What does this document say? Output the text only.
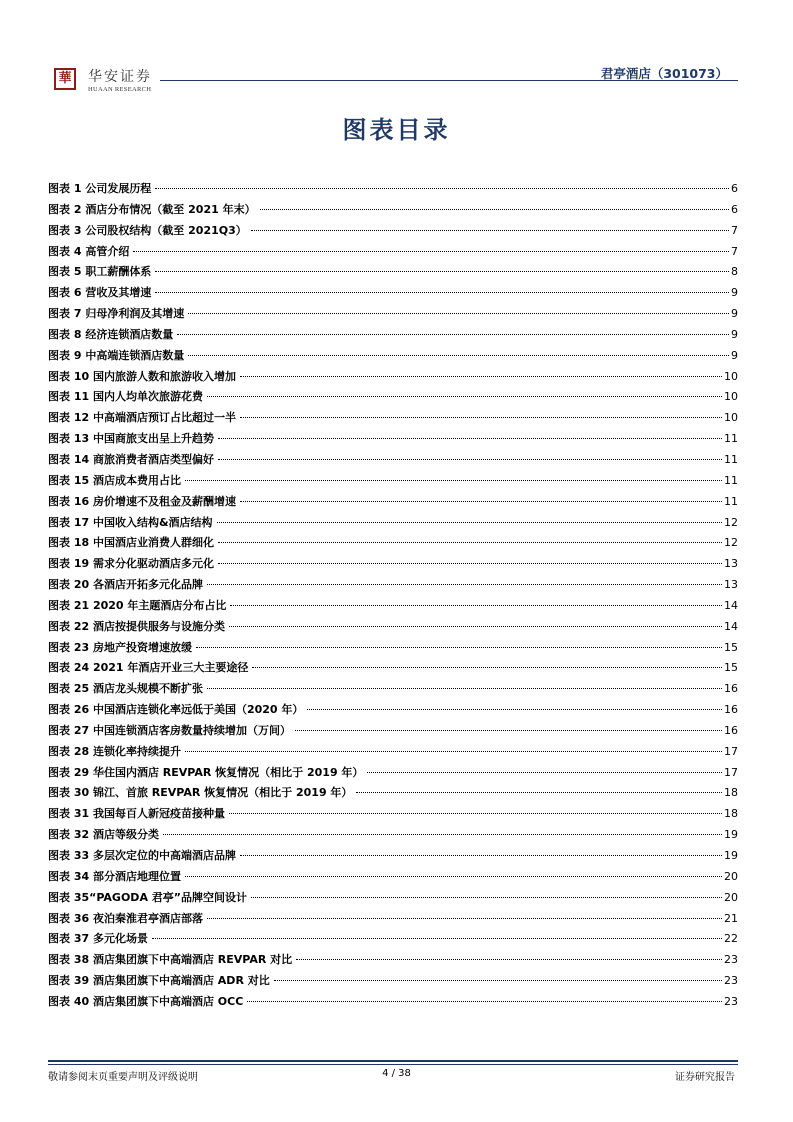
華	华安证券
HUAAN RESEARCH
君亭酒店（301073）
图表目录
图表 1 公司发展历程	6
图表 2 酒店分布情况（截至 2021 年末）	6
图表 3 公司股权结构（截至 2021Q3）	7
图表 4 高管介绍	7
图表 5 职工薪酬体系	8
图表 6 营收及其增速	9
图表 7 归母净利润及其增速	9
图表 8 经济连锁酒店数量	9
图表 9 中高端连锁酒店数量	9
图表 10 国内旅游人数和旅游收入增加	10
图表 11 国内人均单次旅游花费	10
图表 12 中高端酒店预订占比超过一半	10
图表 13 中国商旅支出呈上升趋势	11
图表 14 商旅消费者酒店类型偏好	11
图表 15 酒店成本费用占比	11
图表 16 房价增速不及租金及薪酬增速	11
图表 17 中国收入结构&酒店结构	12
图表 18 中国酒店业消费人群细化	12
图表 19 需求分化驱动酒店多元化	13
图表 20 各酒店开拓多元化品牌	13
图表 21 2020 年主题酒店分布占比	14
图表 22 酒店按提供服务与设施分类	14
图表 23 房地产投资增速放缓	15
图表 24 2021 年酒店开业三大主要途径	15
图表 25 酒店龙头规模不断扩张	16
图表 26 中国酒店连锁化率远低于美国（2020 年）	16
图表 27 中国连锁酒店客房数量持续增加（万间）	16
图表 28 连锁化率持续提升	17
图表 29 华住国内酒店 REVPAR 恢复情况（相比于 2019 年）	17
图表 30 锦江、首旅 REVPAR 恢复情况（相比于 2019 年）	18
图表 31 我国每百人新冠疫苗接种量	18
图表 32 酒店等级分类	19
图表 33 多层次定位的中高端酒店品牌	19
图表 34 部分酒店地理位置	20
图表 35“PAGODA 君亭”品牌空间设计	20
图表 36 夜泊秦淮君亭酒店部落	21
图表 37 多元化场景	22
图表 38 酒店集团旗下中高端酒店 REVPAR 对比	23
图表 39 酒店集团旗下中高端酒店 ADR 对比	23
图表 40 酒店集团旗下中高端酒店 OCC	23
敬请参阅末页重要声明及评级说明	4 / 38	证券研究报告
